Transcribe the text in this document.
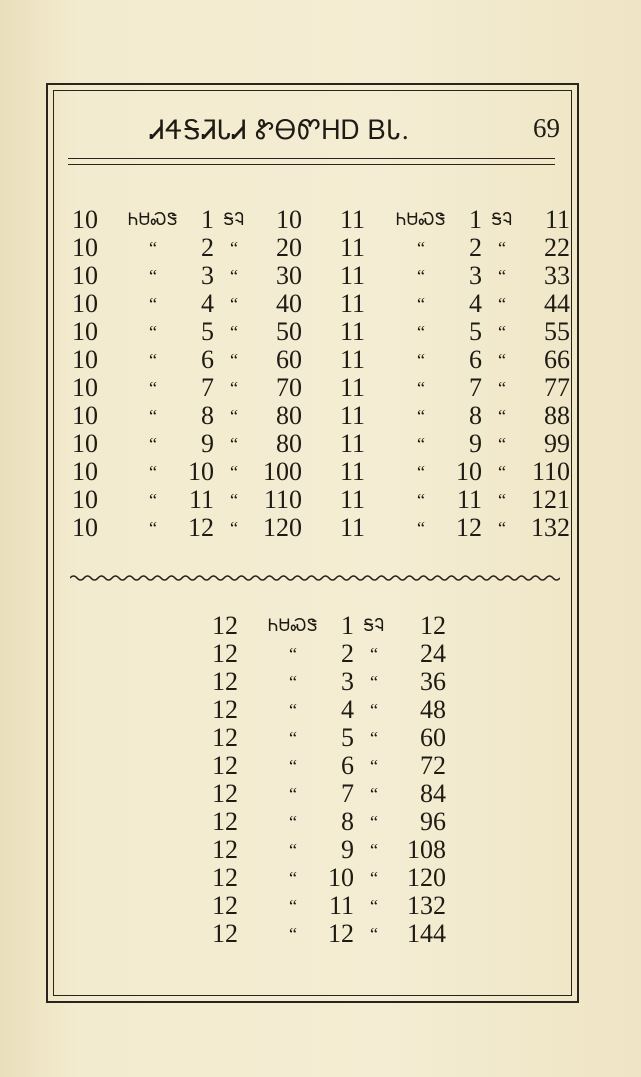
ᏗᏎᎦᏘᏓᏗ ᏑᎾᏛᎻᎠ ᏴᏓ.	69
10	ᏂᏌᏍᏕ	1	ᎦᎸ	10
10	“	2	“	20
10	“	3	“	30
10	“	4	“	40
10	“	5	“	50
10	“	6	“	60
10	“	7	“	70
10	“	8	“	80
10	“	9	“	80
10	“	10	“	100
10	“	11	“	110
10	“	12	“	120
11	ᏂᏌᏍᏕ	1	ᎦᎸ	11
11	“	2	“	22
11	“	3	“	33
11	“	4	“	44
11	“	5	“	55
11	“	6	“	66
11	“	7	“	77
11	“	8	“	88
11	“	9	“	99
11	“	10	“	110
11	“	11	“	121
11	“	12	“	132
12	ᏂᏌᏍᏕ	1	ᎦᎸ	12
12	“	2	“	24
12	“	3	“	36
12	“	4	“	48
12	“	5	“	60
12	“	6	“	72
12	“	7	“	84
12	“	8	“	96
12	“	9	“	108
12	“	10	“	120
12	“	11	“	132
12	“	12	“	144
